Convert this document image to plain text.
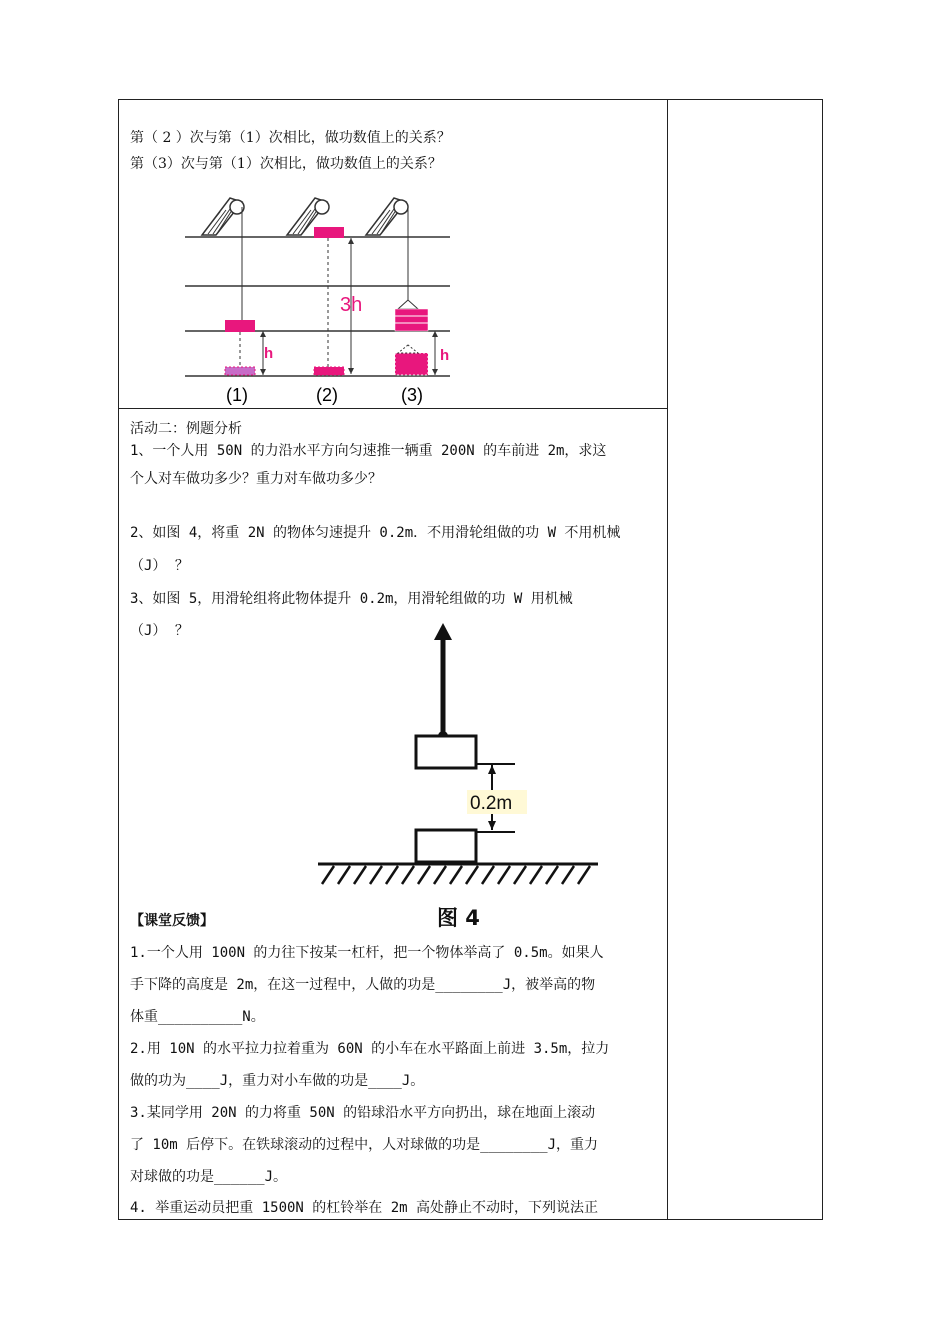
第（ 2 ）次与第（1）次相比，做功数值上的关系？
第（3）次与第（1）次相比，做功数值上的关系？
h
3h
h
(1)	(2)	(3)
活动二：例题分析
1、一个人用 50N 的力沿水平方向匀速推一辆重 200N 的车前进 2m，求这
个人对车做功多少？重力对车做功多少？
2、如图 4，将重 2N 的物体匀速提升 0.2m．不用滑轮组做的功 W 不用机械
（J） ？
3、如图 5，用滑轮组将此物体提升 0.2m，用滑轮组做的功 W 用机械
（J） ？
0.2m
图 4
【课堂反馈】
1.一个人用 100N 的力往下按某一杠杆，把一个物体举高了 0.5m。如果人
手下降的高度是 2m，在这一过程中，人做的功是________J，被举高的物
体重__________N。
2.用 10N 的水平拉力拉着重为 60N 的小车在水平路面上前进 3.5m，拉力
做的功为____J，重力对小车做的功是____J。
3.某同学用 20N 的力将重 50N 的铅球沿水平方向扔出，球在地面上滚动
了 10m 后停下。在铁球滚动的过程中，人对球做的功是________J，重力
对球做的功是______J。
4. 举重运动员把重 1500N 的杠铃举在 2m 高处静止不动时，下列说法正
